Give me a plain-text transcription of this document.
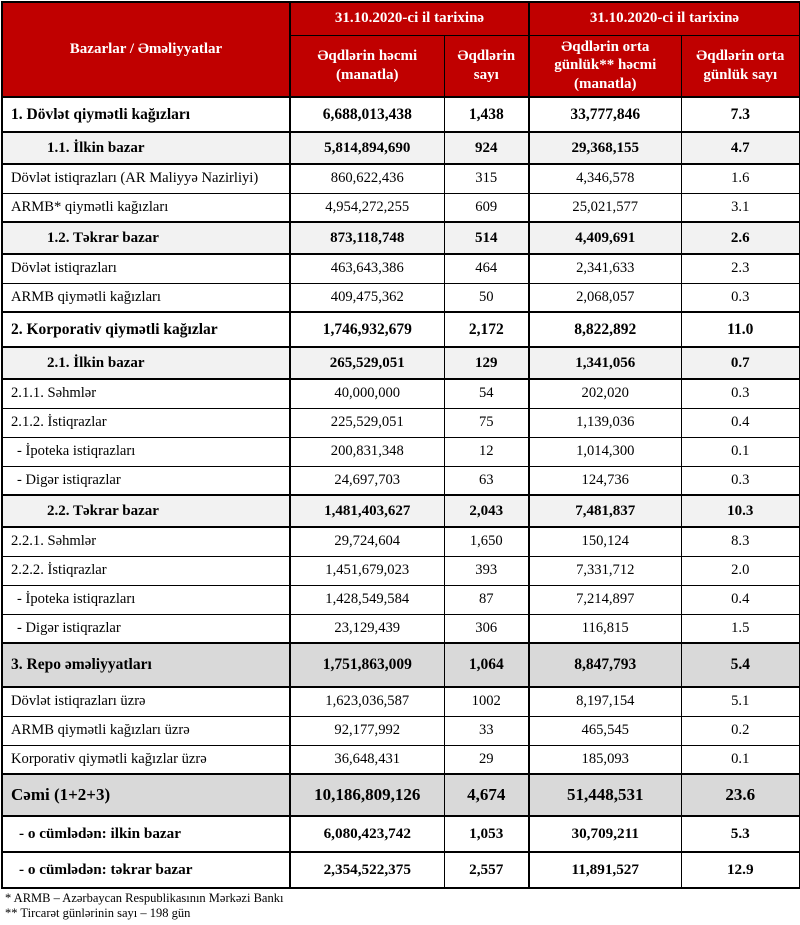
Bazarlar / Əməliyyatlar	31.10.2020-ci il tarixinə		31.10.2020-ci il tarixinə	
	Əqdlərin həcmi (manatla)	Əqdlərin sayı	Əqdlərin orta günlük** həcmi (manatla)	Əqdlərin orta günlük sayı
1. Dövlət qiymətli kağızları	6,688,013,438	1,438	33,777,846	7.3
1.1. İlkin bazar	5,814,894,690	924	29,368,155	4.7
Dövlət istiqrazları (AR Maliyyə Nazirliyi)	860,622,436	315	4,346,578	1.6
ARMB* qiymətli kağızları	4,954,272,255	609	25,021,577	3.1
1.2. Təkrar bazar	873,118,748	514	4,409,691	2.6
Dövlət istiqrazları	463,643,386	464	2,341,633	2.3
ARMB qiymətli kağızları	409,475,362	50	2,068,057	0.3
2. Korporativ qiymətli kağızlar	1,746,932,679	2,172	8,822,892	11.0
2.1. İlkin bazar	265,529,051	129	1,341,056	0.7
2.1.1. Səhmlər	40,000,000	54	202,020	0.3
2.1.2. İstiqrazlar	225,529,051	75	1,139,036	0.4
- İpoteka istiqrazları	200,831,348	12	1,014,300	0.1
- Digər istiqrazlar	24,697,703	63	124,736	0.3
2.2. Təkrar bazar	1,481,403,627	2,043	7,481,837	10.3
2.2.1. Səhmlər	29,724,604	1,650	150,124	8.3
2.2.2. İstiqrazlar	1,451,679,023	393	7,331,712	2.0
- İpoteka istiqrazları	1,428,549,584	87	7,214,897	0.4
- Digər istiqrazlar	23,129,439	306	116,815	1.5
3. Repo əməliyyatları	1,751,863,009	1,064	8,847,793	5.4
Dövlət istiqrazları üzrə	1,623,036,587	1002	8,197,154	5.1
ARMB qiymətli kağızları üzrə	92,177,992	33	465,545	0.2
Korporativ qiymətli kağızlar üzrə	36,648,431	29	185,093	0.1
Cəmi (1+2+3)	10,186,809,126	4,674	51,448,531	23.6
- o cümlədən: ilkin bazar	6,080,423,742	1,053	30,709,211	5.3
- o cümlədən: təkrar bazar	2,354,522,375	2,557	11,891,527	12.9
* ARMB – Azərbaycan Respublikasının Mərkəzi Bankı
** Tircarət günlərinin sayı – 198 gün
